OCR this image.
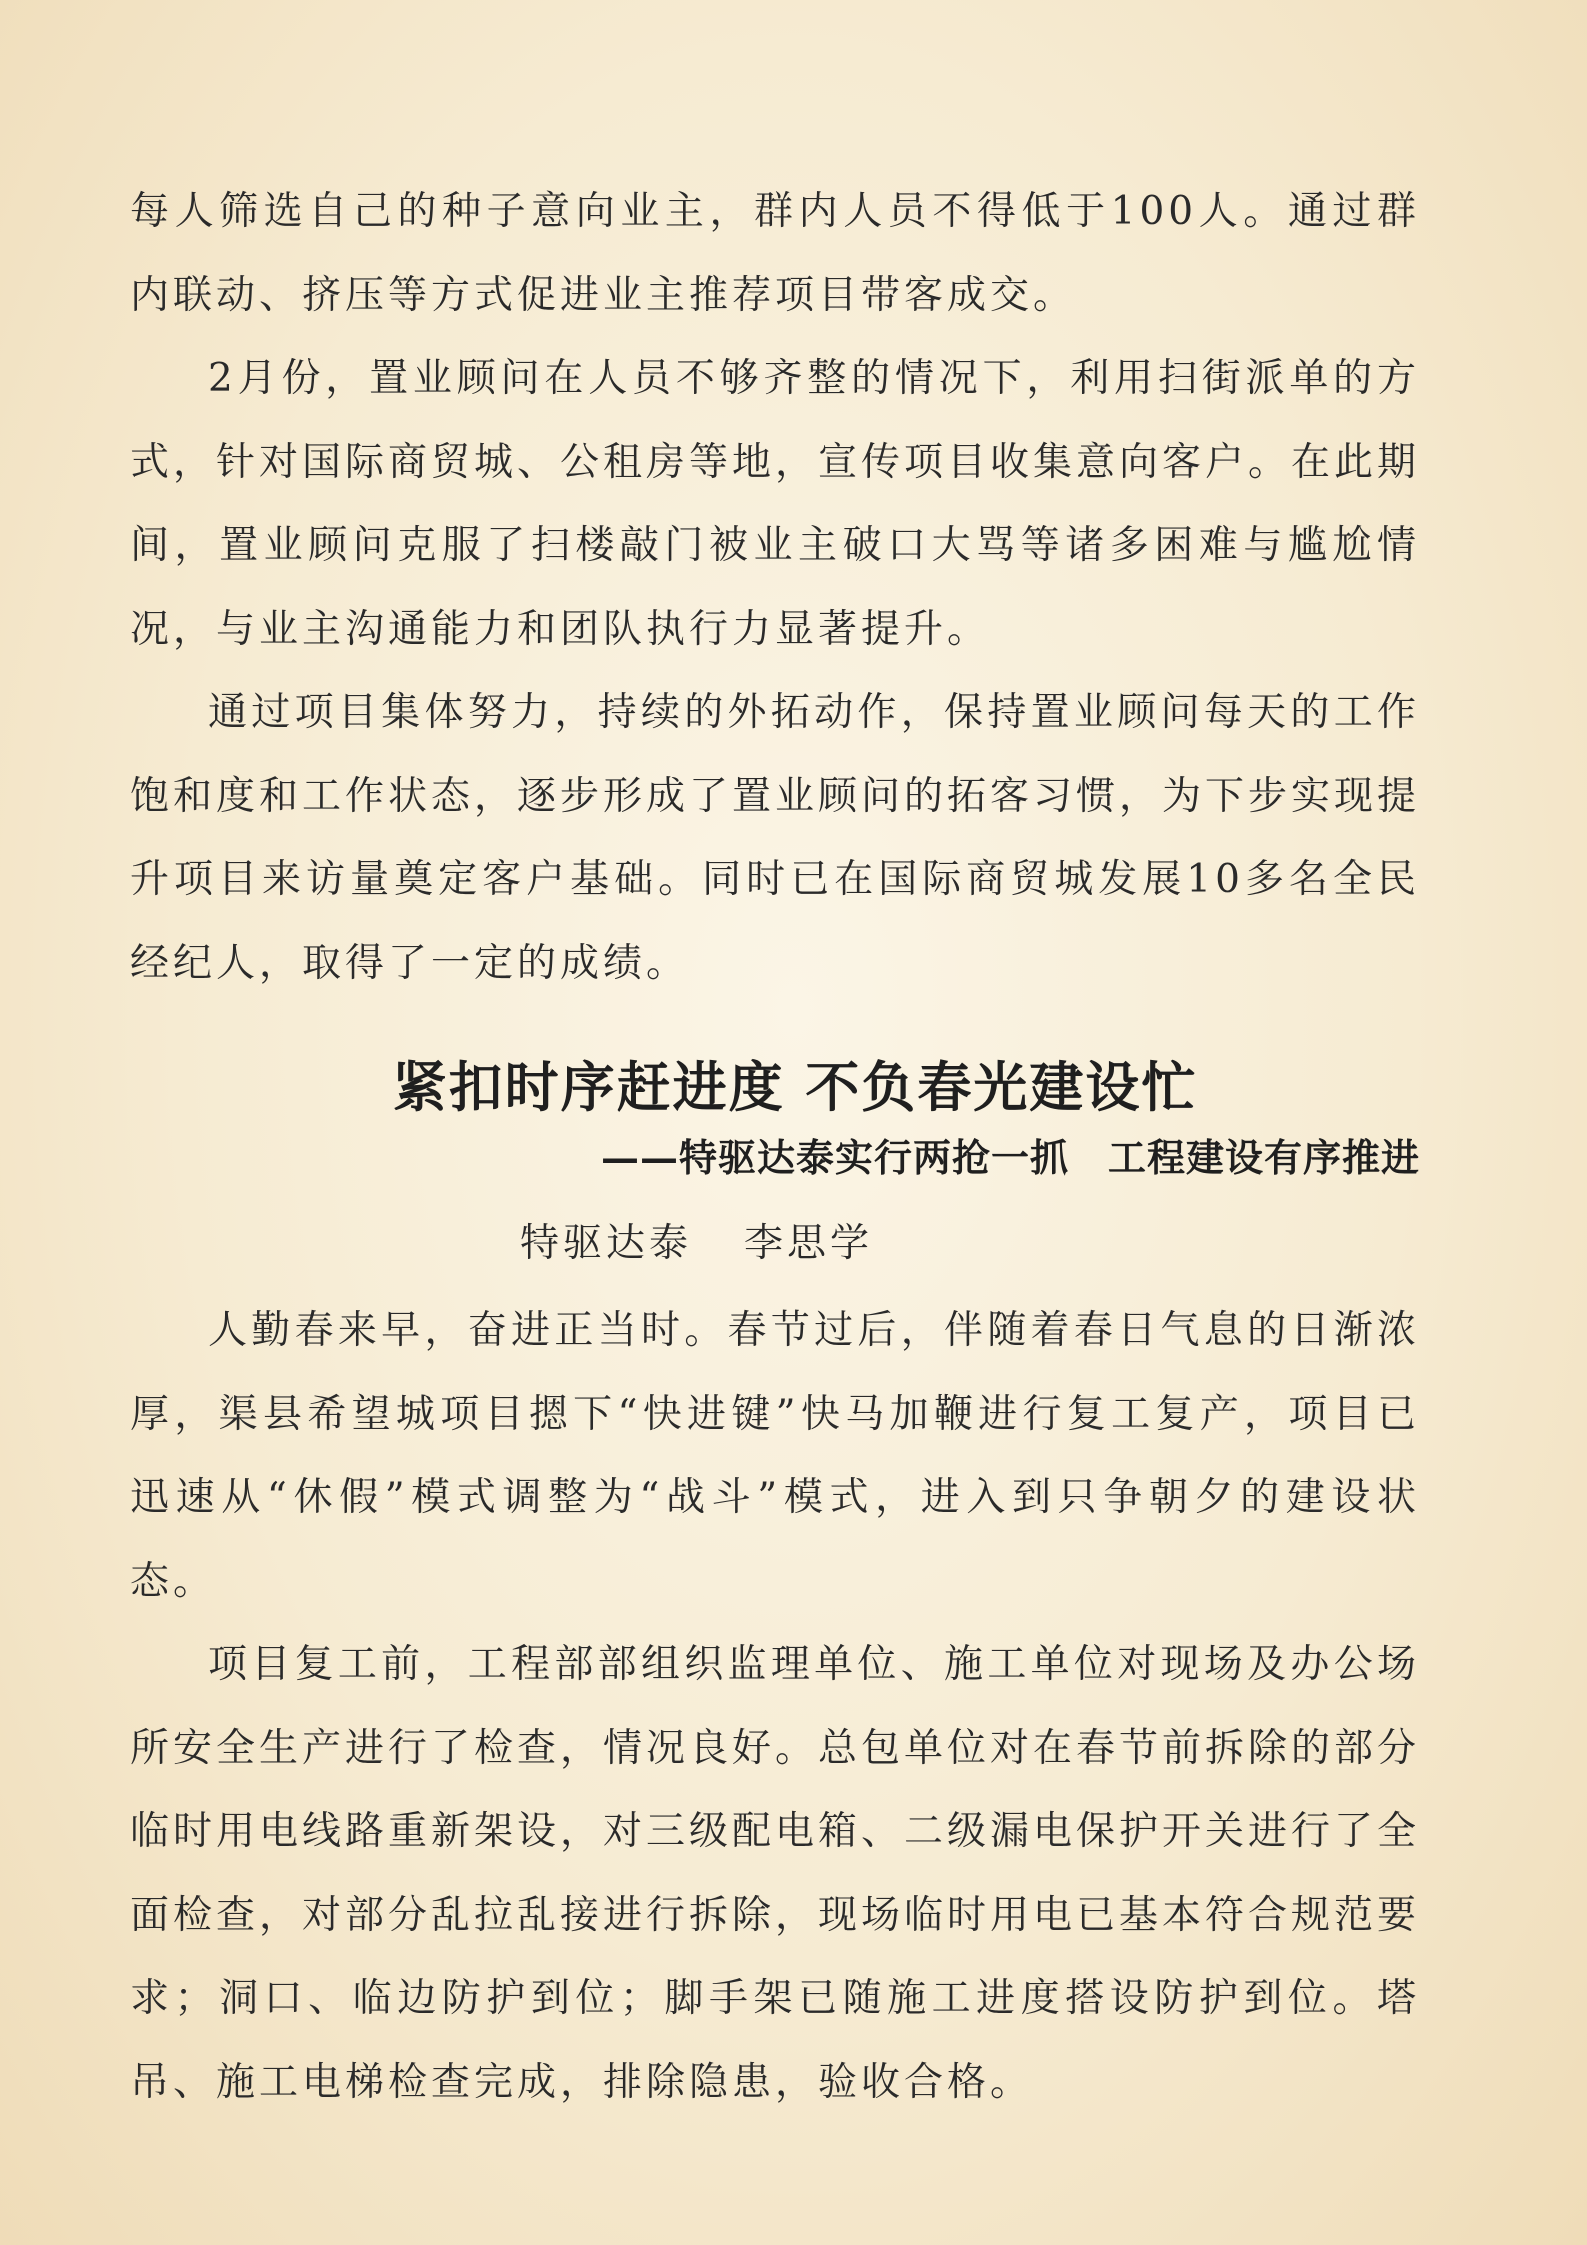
每人筛选自己的种子意向业主，群内人员不得低于100人。通过群内联动、挤压等方式促进业主推荐项目带客成交。

2月份，置业顾问在人员不够齐整的情况下，利用扫街派单的方式，针对国际商贸城、公租房等地，宣传项目收集意向客户。在此期间，置业顾问克服了扫楼敲门被业主破口大骂等诸多困难与尴尬情况，与业主沟通能力和团队执行力显著提升。

通过项目集体努力，持续的外拓动作，保持置业顾问每天的工作饱和度和工作状态，逐步形成了置业顾问的拓客习惯，为下步实现提升项目来访量奠定客户基础。同时已在国际商贸城发展10多名全民经纪人，取得了一定的成绩。

紧扣时序赶进度 不负春光建设忙
——特驱达泰实行两抢一抓　工程建设有序推进
特驱达泰 李思学

人勤春来早，奋进正当时。春节过后，伴随着春日气息的日渐浓厚，渠县希望城项目摁下“快进键”快马加鞭进行复工复产，项目已迅速从“休假”模式调整为“战斗”模式，进入到只争朝夕的建设状态。

项目复工前，工程部部组织监理单位、施工单位对现场及办公场所安全生产进行了检查，情况良好。总包单位对在春节前拆除的部分临时用电线路重新架设，对三级配电箱、二级漏电保护开关进行了全面检查，对部分乱拉乱接进行拆除，现场临时用电已基本符合规范要求；洞口、临边防护到位；脚手架已随施工进度搭设防护到位。塔吊、施工电梯检查完成，排除隐患，验收合格。
